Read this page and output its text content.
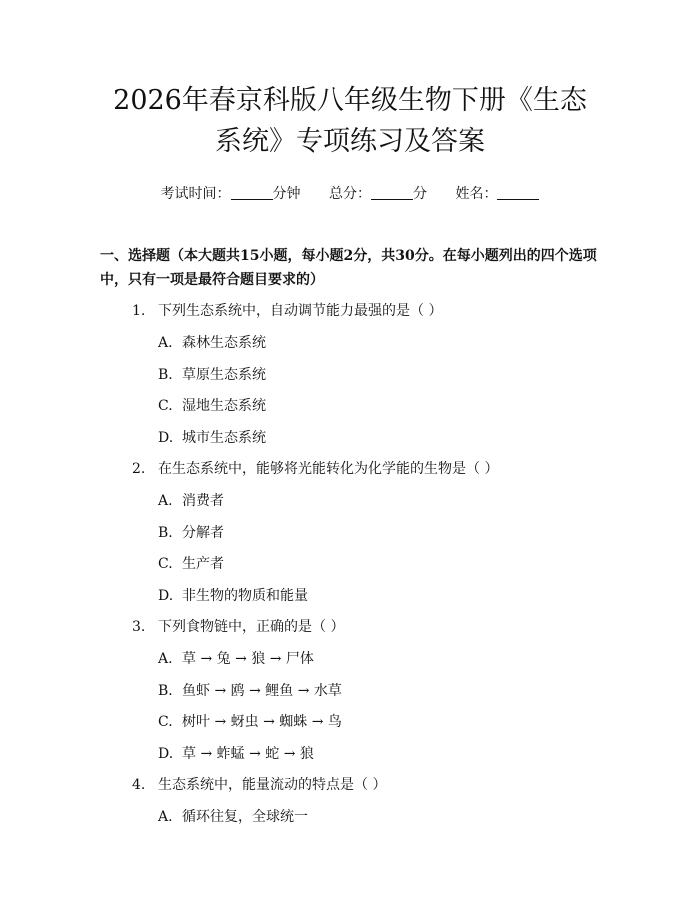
2026年春京科版八年级生物下册《生态系统》专项练习及答案
考试时间：	分钟 总分：	分 姓名：
一、选择题（本大题共15小题，每小题2分，共30分。在每小题列出的四个选项中，只有一项是最符合题目要求的）
1. 下列生态系统中，自动调节能力最强的是（ ）
A. 森林生态系统
B. 草原生态系统
C. 湿地生态系统
D. 城市生态系统
2. 在生态系统中，能够将光能转化为化学能的生物是（ ）
A. 消费者
B. 分解者
C. 生产者
D. 非生物的物质和能量
3. 下列食物链中，正确的是（ ）
A. 草 → 兔 → 狼 → 尸体
B. 鱼虾 → 鸥 → 鲤鱼 → 水草
C. 树叶 → 蚜虫 → 蜘蛛 → 鸟
D. 草 → 蚱蜢 → 蛇 → 狼
4. 生态系统中，能量流动的特点是（ ）
A. 循环往复，全球统一
